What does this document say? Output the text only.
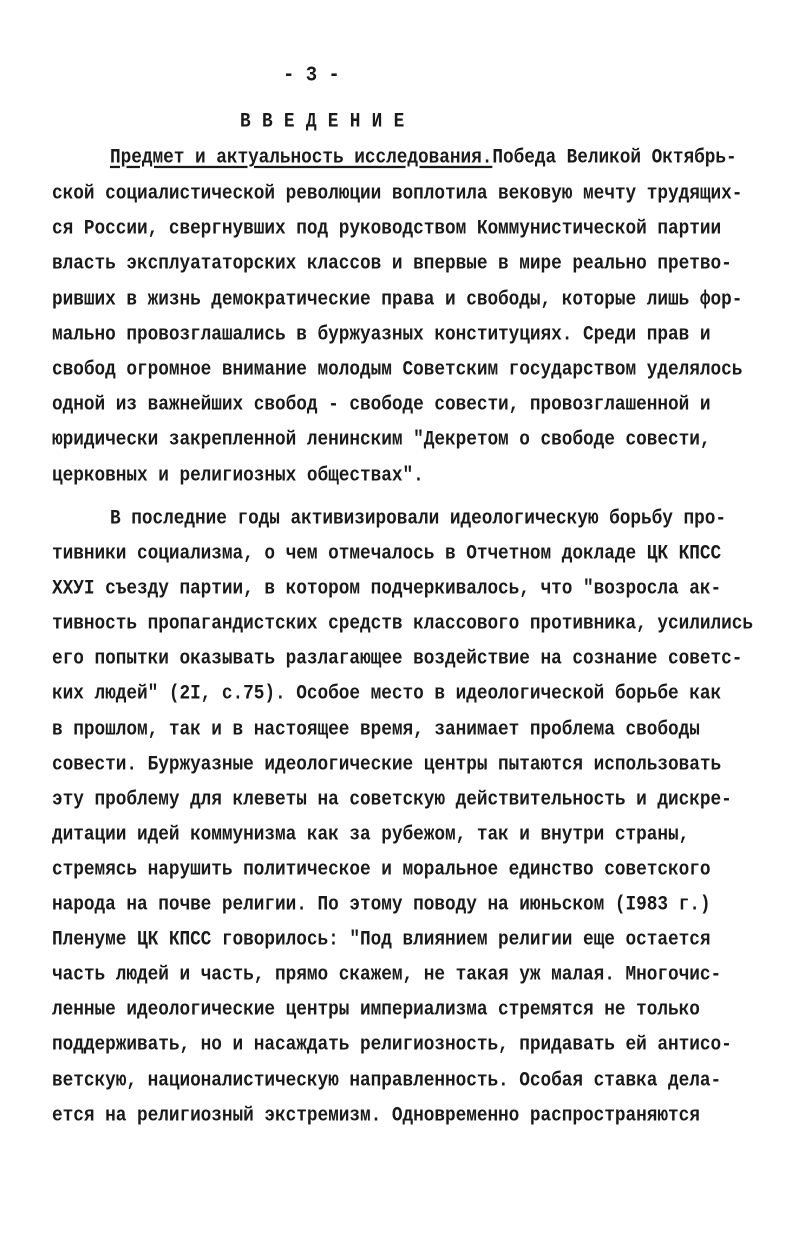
- 3 -
В В Е Д Е Н И Е
Предмет и актуальность исследования.Победа Великой Октябрь-
ской социалистической революции воплотила вековую мечту трудящих-
ся России, свергнувших под руководством Коммунистической партии
власть эксплуататорских классов и впервые в мире реально претво-
ривших в жизнь демократические права и свободы, которые лишь фор-
мально провозглашались в буржуазных конституциях. Среди прав и
свобод огромное внимание молодым Советским государством уделялось
одной из важнейших свобод - свободе совести, провозглашенной и
юридически закрепленной ленинским "Декретом о свободе совести,
церковных и религиозных обществах".
В последние годы активизировали идеологическую борьбу про-
тивники социализма, о чем отмечалось в Отчетном докладе ЦК КПСС
ХХУI съезду партии, в котором подчеркивалось, что "возросла ак-
тивность пропагандистских средств классового противника, усилились
его попытки оказывать разлагающее воздействие на сознание советс-
ких людей" (2I, с.75). Особое место в идеологической борьбе как
в прошлом, так и в настоящее время, занимает проблема свободы
совести. Буржуазные идеологические центры пытаются использовать
эту проблему для клеветы на советскую действительность и дискре-
дитации идей коммунизма как за рубежом, так и внутри страны,
стремясь нарушить политическое и моральное единство советского
народа на почве религии. По этому поводу на июньском (I983 г.)
Пленуме ЦК КПСС говорилось: "Под влиянием религии еще остается
часть людей и часть, прямо скажем, не такая уж малая. Многочис-
ленные идеологические центры империализма стремятся не только
поддерживать, но и насаждать религиозность, придавать ей антисо-
ветскую, националистическую направленность. Особая ставка дела-
ется на религиозный экстремизм. Одновременно распространяются
